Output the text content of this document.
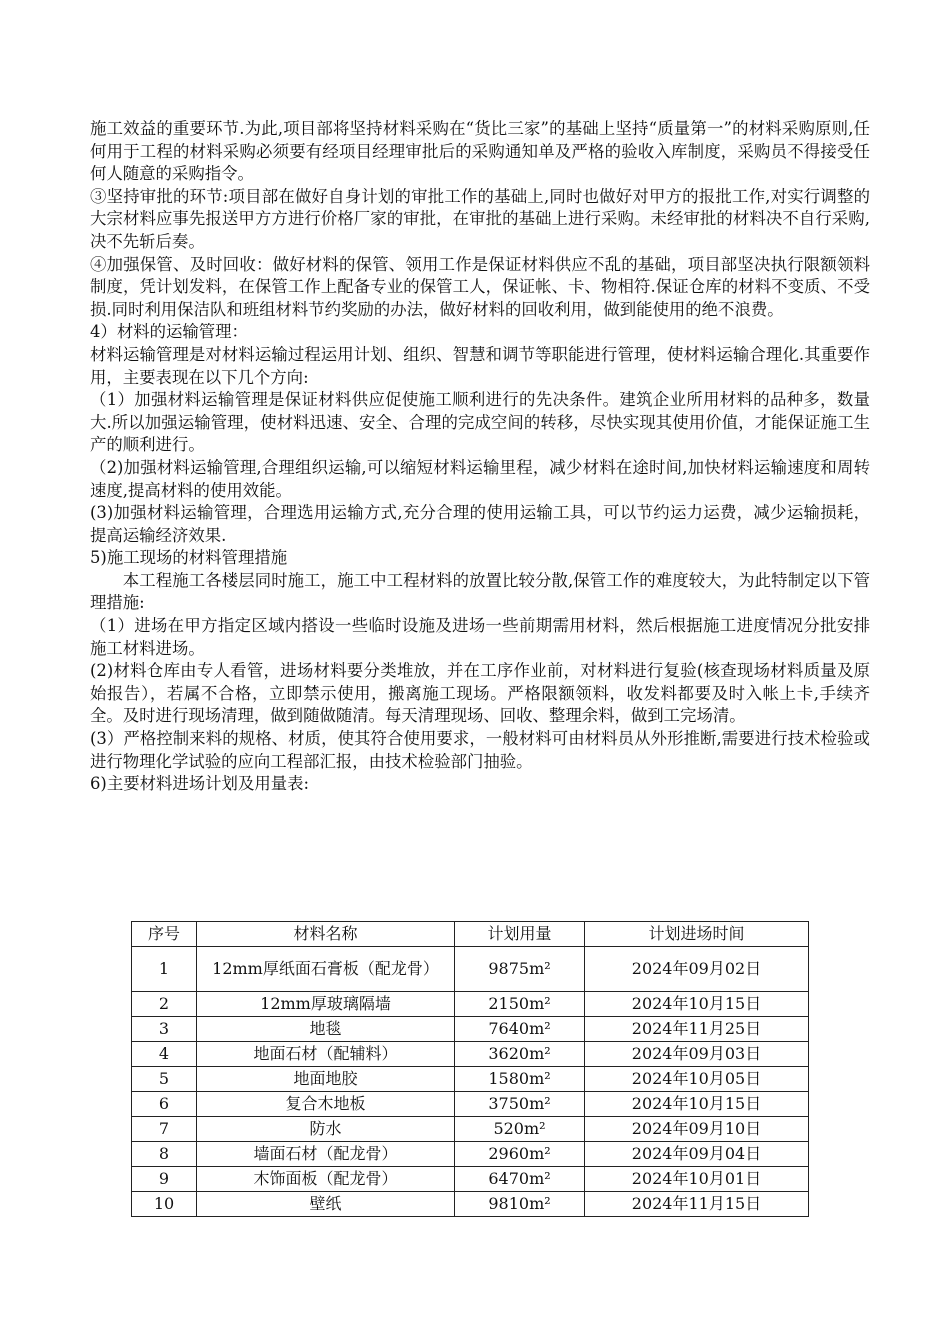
施工效益的重要环节.为此,项目部将坚持材料采购在“货比三家”的基础上坚持“质量第一”的材料采购原则,任何用于工程的材料采购必须要有经项目经理审批后的采购通知单及严格的验收入库制度，采购员不得接受任何人随意的采购指令。

③坚持审批的环节:项目部在做好自身计划的审批工作的基础上,同时也做好对甲方的报批工作,对实行调整的大宗材料应事先报送甲方方进行价格厂家的审批，在审批的基础上进行采购。未经审批的材料决不自行采购,决不先斩后奏。

④加强保管、及时回收：做好材料的保管、领用工作是保证材料供应不乱的基础，项目部坚决执行限额领料制度，凭计划发料，在保管工作上配备专业的保管工人，保证帐、卡、物相符.保证仓库的材料不变质、不受损.同时利用保洁队和班组材料节约奖励的办法，做好材料的回收利用，做到能使用的绝不浪费。

4）材料的运输管理：

材料运输管理是对材料运输过程运用计划、组织、智慧和调节等职能进行管理，使材料运输合理化.其重要作用，主要表现在以下几个方向:

（1）加强材料运输管理是保证材料供应促使施工顺利进行的先决条件。建筑企业所用材料的品种多，数量大.所以加强运输管理，使材料迅速、安全、合理的完成空间的转移，尽快实现其使用价值，才能保证施工生产的顺利进行。

（2)加强材料运输管理,合理组织运输,可以缩短材料运输里程，减少材料在途时间,加快材料运输速度和周转速度,提高材料的使用效能。

(3)加强材料运输管理，合理选用运输方式,充分合理的使用运输工具，可以节约运力运费，减少运输损耗，提高运输经济效果.

5)施工现场的材料管理措施

本工程施工各楼层同时施工，施工中工程材料的放置比较分散,保管工作的难度较大，为此特制定以下管理措施:

（1）进场在甲方指定区域内搭设一些临时设施及进场一些前期需用材料，然后根据施工进度情况分批安排施工材料进场。

(2)材料仓库由专人看管，进场材料要分类堆放，并在工序作业前，对材料进行复验(核查现场材料质量及原始报告），若属不合格，立即禁示使用，搬离施工现场。严格限额领料，收发料都要及时入帐上卡,手续齐全。及时进行现场清理，做到随做随清。每天清理现场、回收、整理余料，做到工完场清。

(3）严格控制来料的规格、材质，使其符合使用要求，一般材料可由材料员从外形推断,需要进行技术检验或进行物理化学试验的应向工程部汇报，由技术检验部门抽验。

6)主要材料进场计划及用量表:

序号	材料名称	计划用量	计划进场时间
1	12mm厚纸面石膏板（配龙骨）	9875m²	2024年09月02日
2	12mm厚玻璃隔墙	2150m²	2024年10月15日
3	地毯	7640m²	2024年11月25日
4	地面石材（配辅料）	3620m²	2024年09月03日
5	地面地胶	1580m²	2024年10月05日
6	复合木地板	3750m²	2024年10月15日
7	防水	520m²	2024年09月10日
8	墙面石材（配龙骨）	2960m²	2024年09月04日
9	木饰面板（配龙骨）	6470m²	2024年10月01日
10	壁纸	9810m²	2024年11月15日
